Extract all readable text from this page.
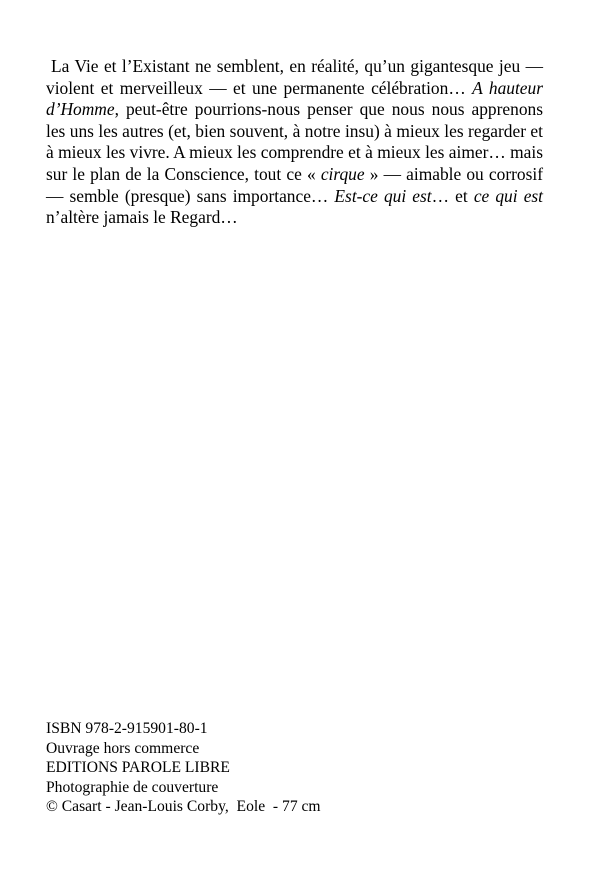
La Vie et l’Existant ne semblent, en réalité, qu’un gigantesque jeu — violent et merveilleux — et une permanente célébration… A hauteur d’Homme, peut-être pourrions-nous penser que nous nous apprenons les uns les autres (et, bien souvent, à notre insu) à mieux les regarder et à mieux les vivre. A mieux les comprendre et à mieux les aimer… mais sur le plan de la Conscience, tout ce « cirque » — aimable ou corrosif — semble (presque) sans importance… Est-ce qui est… et ce qui est n’altère jamais le Regard…

ISBN 978-2-915901-80-1
Ouvrage hors commerce
EDITIONS PAROLE LIBRE
Photographie de couverture
© Casart - Jean-Louis Corby,  Eole  - 77 cm
